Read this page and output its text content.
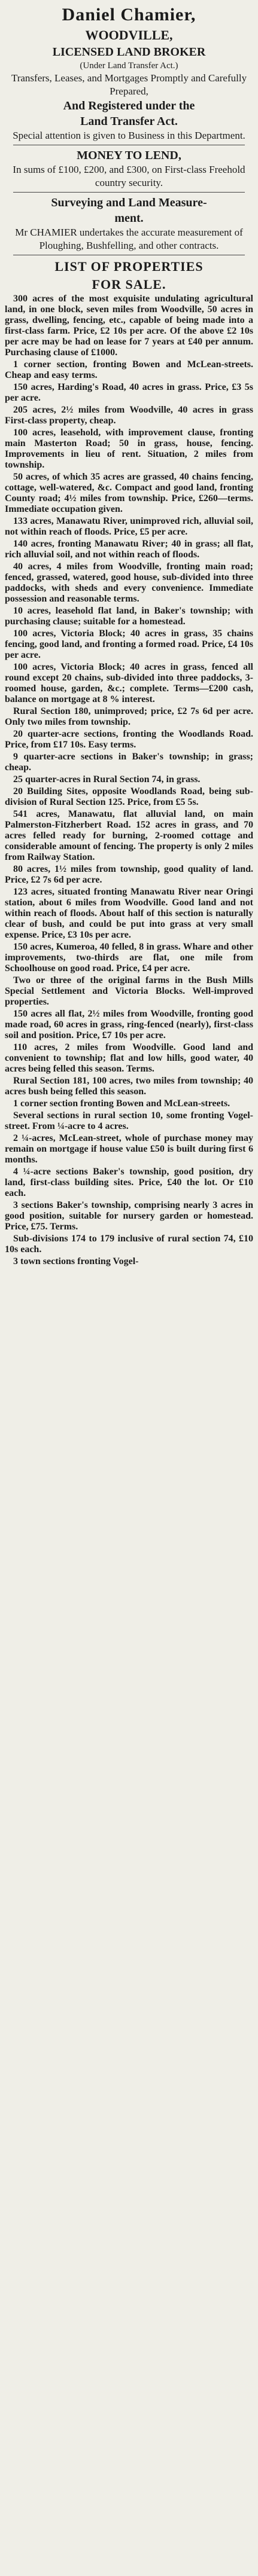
Daniel Chamier,
WOODVILLE,
LICENSED LAND BROKER
(Under Land Transfer Act.)

Transfers, Leases, and Mortgages Promptly and Carefully Prepared,

And Registered under the
Land Transfer Act.

Special attention is given to Business in this Department.

MONEY TO LEND,

In sums of £100, £200, and £300, on First-class Freehold country security.

Surveying and Land Measure-
ment.

Mr CHAMIER undertakes the accurate measurement of Ploughing, Bushfelling, and other contracts.

LIST OF PROPERTIES
FOR SALE.

300 acres of the most exquisite undulating agricultural land, in one block, seven miles from Woodville, 50 acres in grass, dwelling, fencing, etc., capable of being made into a first-class farm. Price, £2 10s per acre. Of the above £2 10s per acre may be had on lease for 7 years at £40 per annum. Purchasing clause of £1000.

1 corner section, fronting Bowen and McLean-streets. Cheap and easy terms.

150 acres, Harding's Road, 40 acres in grass. Price, £3 5s per acre.

205 acres, 2½ miles from Woodville, 40 acres in grass First-class property, cheap.

100 acres, leasehold, with improvement clause, fronting main Masterton Road; 50 in grass, house, fencing. Improvements in lieu of rent. Situation, 2 miles from township.

50 acres, of which 35 acres are grassed, 40 chains fencing, cottage, well-watered, &c. Compact and good land, fronting County road; 4½ miles from township. Price, £260—terms. Immediate occupation given.

133 acres, Manawatu River, unimproved rich, alluvial soil, not within reach of floods. Price, £5 per acre.

140 acres, fronting Manawatu River; 40 in grass; all flat, rich alluvial soil, and not within reach of floods.

40 acres, 4 miles from Woodville, fronting main road; fenced, grassed, watered, good house, sub-divided into three paddocks, with sheds and every convenience. Immediate possession and reasonable terms.

10 acres, leasehold flat land, in Baker's township; with purchasing clause; suitable for a homestead.

100 acres, Victoria Block; 40 acres in grass, 35 chains fencing, good land, and fronting a formed road. Price, £4 10s per acre.

100 acres, Victoria Block; 40 acres in grass, fenced all round except 20 chains, sub-divided into three paddocks, 3-roomed house, garden, &c.; complete. Terms—£200 cash, balance on mortgage at 8 % interest.

Rural Section 180, unimproved; price, £2 7s 6d per acre. Only two miles from township.

20 quarter-acre sections, fronting the Woodlands Road. Price, from £17 10s. Easy terms.

9 quarter-acre sections in Baker's township; in grass; cheap.

25 quarter-acres in Rural Section 74, in grass.

20 Building Sites, opposite Woodlands Road, being sub-division of Rural Section 125. Price, from £5 5s.

541 acres, Manawatu, flat alluvial land, on main Palmerston-Fitzherbert Road. 152 acres in grass, and 70 acres felled ready for burning, 2-roomed cottage and considerable amount of fencing. The property is only 2 miles from Railway Station.

80 acres, 1½ miles from township, good quality of land. Price, £2 7s 6d per acre.

123 acres, situated fronting Manawatu River near Oringi station, about 6 miles from Woodville. Good land and not within reach of floods. About half of this section is naturally clear of bush, and could be put into grass at very small expense. Price, £3 10s per acre.

150 acres, Kumeroa, 40 felled, 8 in grass. Whare and other improvements, two-thirds are flat, one mile from Schoolhouse on good road. Price, £4 per acre.

Two or three of the original farms in the Bush Mills Special Settlement and Victoria Blocks. Well-improved properties.

150 acres all flat, 2½ miles from Woodville, fronting good made road, 60 acres in grass, ring-fenced (nearly), first-class soil and position. Price, £7 10s per acre.

110 acres, 2 miles from Woodville. Good land and convenient to township; flat and low hills, good water, 40 acres being felled this season. Terms.

Rural Section 181, 100 acres, two miles from township; 40 acres bush being felled this season.

1 corner section fronting Bowen and McLean-streets.

Several sections in rural section 10, some fronting Vogel-street. From ¼-acre to 4 acres.

2 ¼-acres, McLean-street, whole of purchase money may remain on mortgage if house value £50 is built during first 6 months.

4 ¼-acre sections Baker's township, good position, dry land, first-class building sites. Price, £40 the lot. Or £10 each.

3 sections Baker's township, comprising nearly 3 acres in good position, suitable for nursery garden or homestead. Price, £75. Terms.

Sub-divisions 174 to 179 inclusive of rural section 74, £10 10s each.

3 town sections fronting Vogel-
